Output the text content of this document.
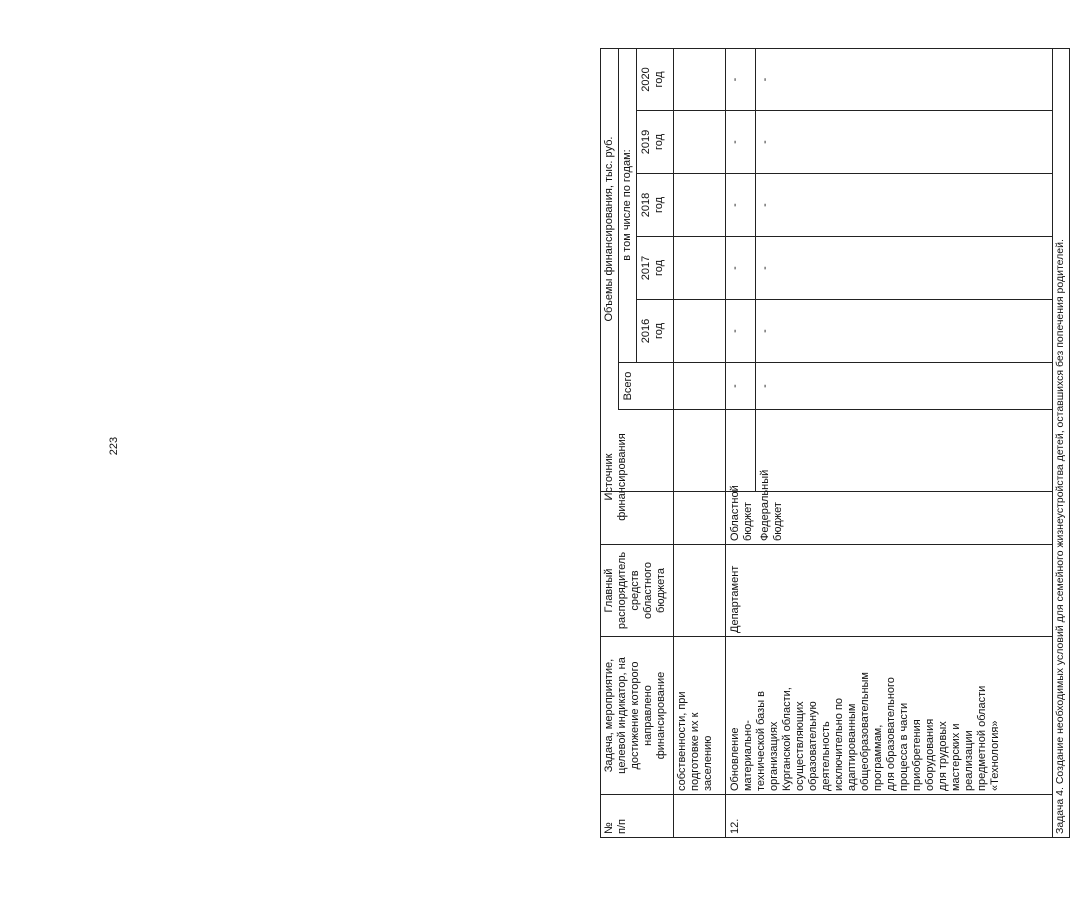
223
№
п/п
Задача, мероприятие,
целевой индикатор, на
достижение которого
направлено
финансирование
Главный
распорядитель
средств
областного
бюджета
Источник
финансирования
Объемы финансирования, тыс. руб.
Всего
в том числе по годам:
2016
год
2017
год
2018
год
2019
год
2020
год
собственности, при
подготовке их к
заселению
12.
Обновление
материально-
технической базы в
организациях
Курганской области,
осуществляющих
образовательную
деятельность
исключительно по
адаптированным
общеобразовательным
программам,
для образовательного
процесса в части
приобретения
оборудования
для трудовых
мастерских и
реализации
предметной области
«Технология»
Департамент
Областной
бюджет
-
-
-
-
-
-
Федеральный
бюджет
-
-
-
-
-
-
Задача 4. Создание необходимых условий для семейного жизнеустройства детей, оставшихся без попечения родителей.
